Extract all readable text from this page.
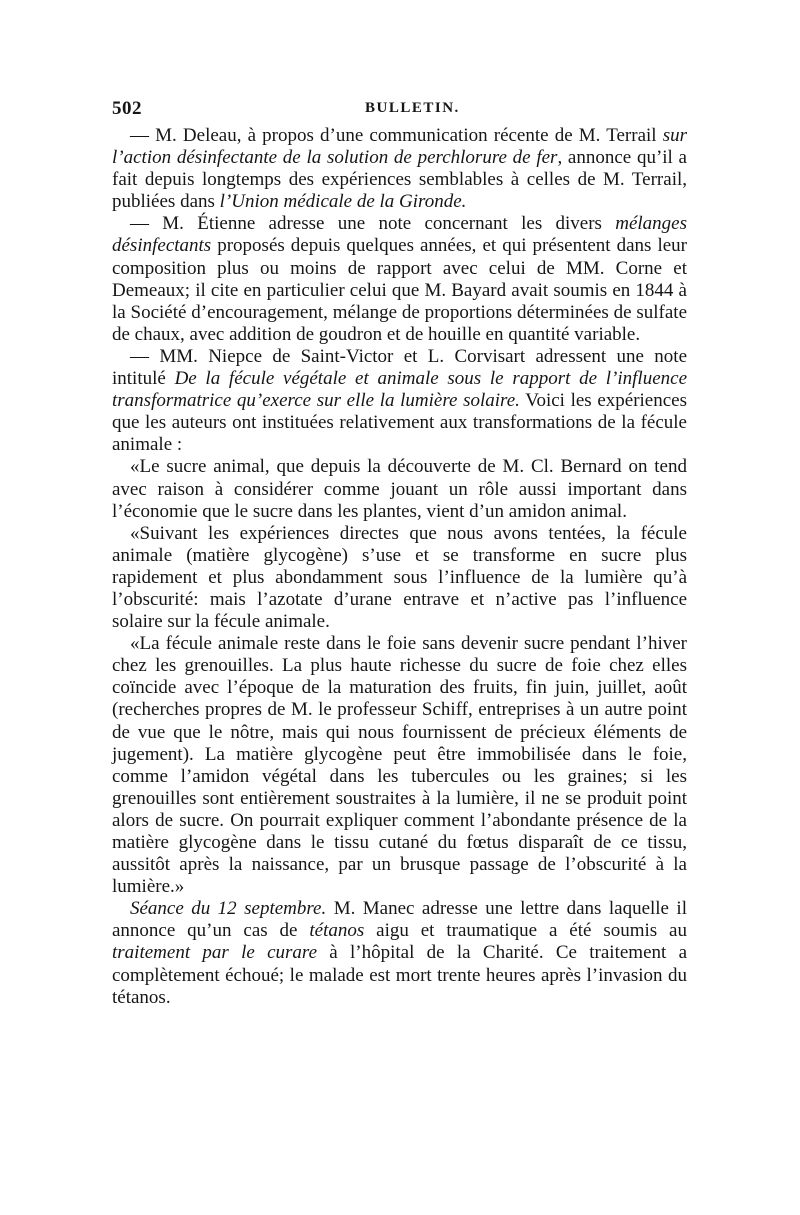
502	BULLETIN.

— M. Deleau, à propos d’une communication récente de M. Terrail sur l’action désinfectante de la solution de perchlorure de fer, annonce qu’il a fait depuis longtemps des expériences semblables à celles de M. Terrail, publiées dans l’Union médicale de la Gironde.

— M. Étienne adresse une note concernant les divers mélanges désinfectants proposés depuis quelques années, et qui présentent dans leur composition plus ou moins de rapport avec celui de MM. Corne et Demeaux; il cite en particulier celui que M. Bayard avait soumis en 1844 à la Société d’encouragement, mélange de proportions déterminées de sulfate de chaux, avec addition de goudron et de houille en quantité variable.

— MM. Niepce de Saint-Victor et L. Corvisart adressent une note intitulé De la fécule végétale et animale sous le rapport de l’influence transformatrice qu’exerce sur elle la lumière solaire. Voici les expériences que les auteurs ont instituées relativement aux transformations de la fécule animale :

«Le sucre animal, que depuis la découverte de M. Cl. Bernard on tend avec raison à considérer comme jouant un rôle aussi important dans l’économie que le sucre dans les plantes, vient d’un amidon animal.

«Suivant les expériences directes que nous avons tentées, la fécule animale (matière glycogène) s’use et se transforme en sucre plus rapidement et plus abondamment sous l’influence de la lumière qu’à l’obscurité: mais l’azotate d’urane entrave et n’active pas l’influence solaire sur la fécule animale.

«La fécule animale reste dans le foie sans devenir sucre pendant l’hiver chez les grenouilles. La plus haute richesse du sucre de foie chez elles coïncide avec l’époque de la maturation des fruits, fin juin, juillet, août (recherches propres de M. le professeur Schiff, entreprises à un autre point de vue que le nôtre, mais qui nous fournissent de précieux éléments de jugement). La matière glycogène peut être immobilisée dans le foie, comme l’amidon végétal dans les tubercules ou les graines; si les grenouilles sont entièrement soustraites à la lumière, il ne se produit point alors de sucre. On pourrait expliquer comment l’abondante présence de la matière glycogène dans le tissu cutané du fœtus disparaît de ce tissu, aussitôt après la naissance, par un brusque passage de l’obscurité à la lumière.»

Séance du 12 septembre. M. Manec adresse une lettre dans laquelle il annonce qu’un cas de tétanos aigu et traumatique a été soumis au traitement par le curare à l’hôpital de la Charité. Ce traitement a complètement échoué; le malade est mort trente heures après l’invasion du tétanos.
